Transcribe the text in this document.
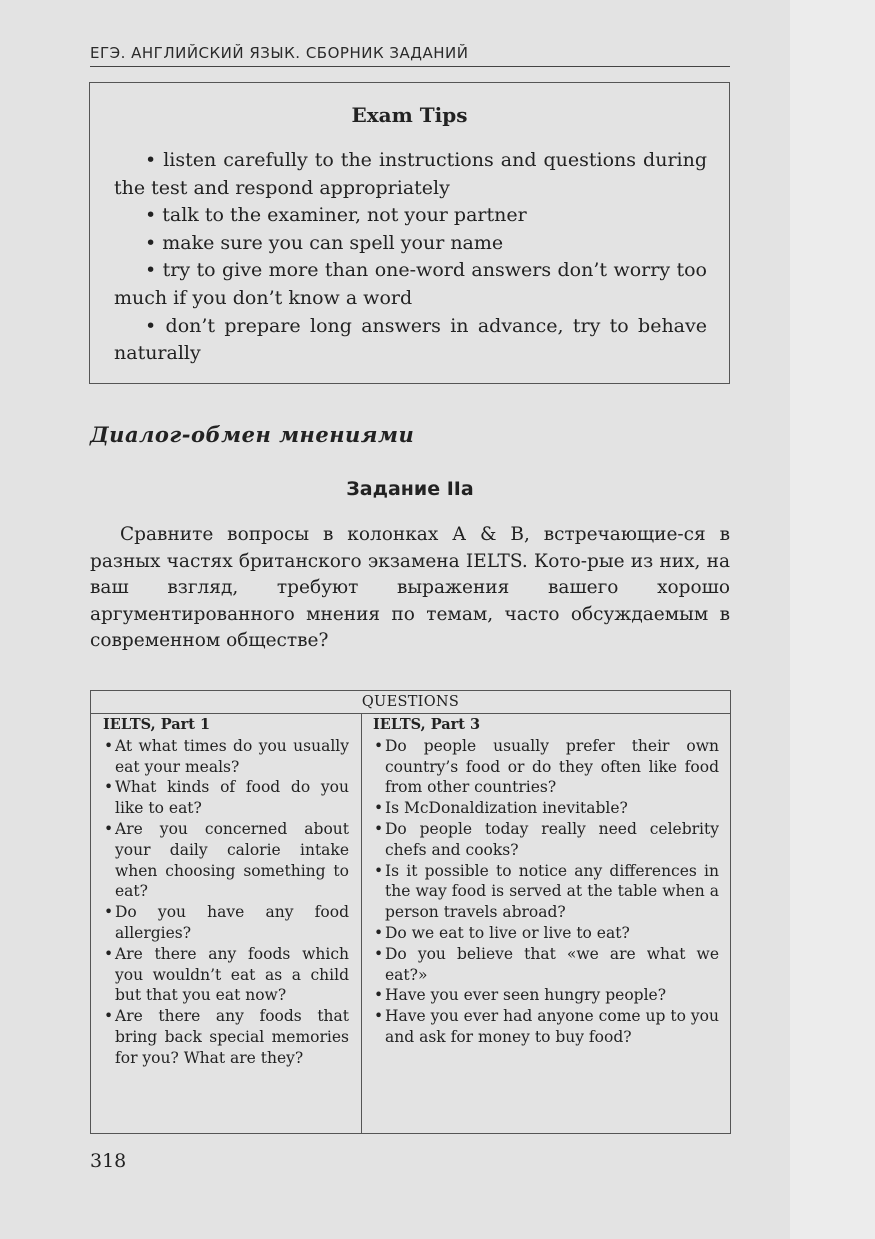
ЕГЭ. АНГЛИЙСКИЙ ЯЗЫК. СБОРНИК ЗАДАНИЙ
Exam Tips

• listen carefully to the instructions and questions during the test and respond appropriately

• talk to the examiner, not your partner

• make sure you can spell your name

• try to give more than one-word answers don’t worry too much if you don’t know a word

• don’t prepare long answers in advance, try to behave naturally

Диалог-обмен мнениями
Задание IIa

Сравните вопросы в колонках А & В, встречающие-ся в разных частях британского экзамена IELTS. Кото-рые из них, на ваш взгляд, требуют выражения вашего хорошо аргументированного мнения по темам, часто обсуждаемым в современном обществе?

QUESTIONS
IELTS, Part 1
• At what times do you usually eat your meals?
• What kinds of food do you like to eat?
• Are you concerned about your daily calorie intake when choosing something to eat?
• Do you have any food allergies?
• Are there any foods which you wouldn’t eat as a child but that you eat now?
• Are there any foods that bring back special memories for you? What are they?
IELTS, Part 3
• Do people usually prefer their own country’s food or do they often like food from other countries?
• Is McDonaldization inevitable?
• Do people today really need celebrity chefs and cooks?
• Is it possible to notice any differences in the way food is served at the table when a person travels abroad?
• Do we eat to live or live to eat?
• Do you believe that «we are what we eat?»
• Have you ever seen hungry people?
• Have you ever had anyone come up to you and ask for money to buy food?
318
